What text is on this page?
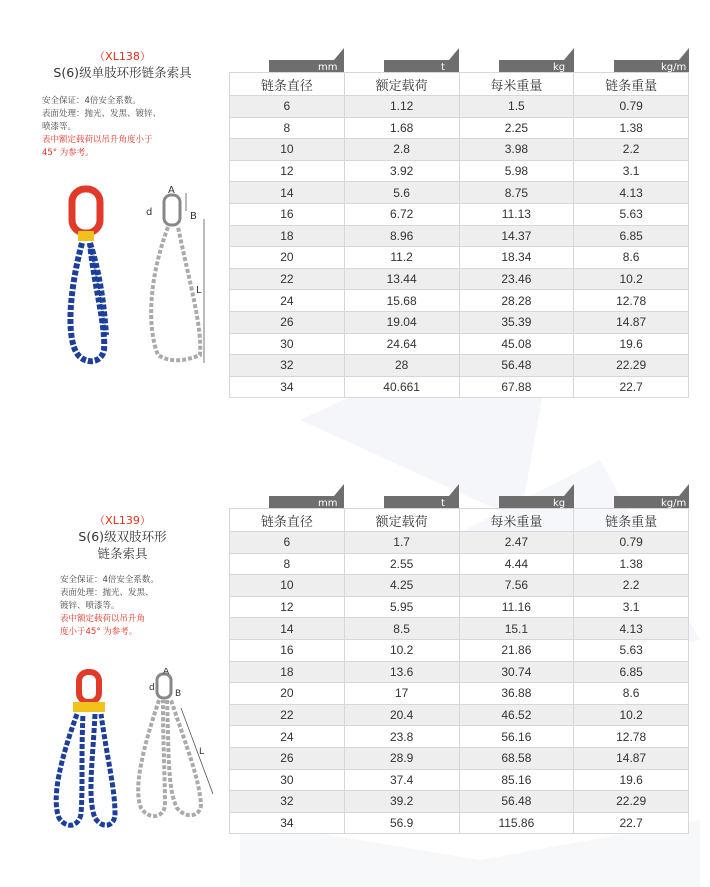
（XL138）
S(6)级单肢环形链条索具
安全保证：4倍安全系数。
表面处理：抛光、发黑、镀锌、
喷漆等。
表中额定载荷以吊升角度小于
45° 为参考。
A
B
d
L
mm	t	kg	kg/m
链条直径	额定载荷	每米重量	链条重量
6	1.12	1.5	0.79
8	1.68	2.25	1.38
10	2.8	3.98	2.2
12	3.92	5.98	3.1
14	5.6	8.75	4.13
16	6.72	11.13	5.63
18	8.96	14.37	6.85
20	11.2	18.34	8.6
22	13.44	23.46	10.2
24	15.68	28.28	12.78
26	19.04	35.39	14.87
30	24.64	45.08	19.6
32	28	56.48	22.29
34	40.661	67.88	22.7
（XL139）
S(6)级双肢环形
链条索具
安全保证：4倍安全系数。
表面处理：抛光、发黑、
镀锌、喷漆等。
表中额定载荷以吊升角
度小于45° 为参考。
A
B
d
L
mm	t	kg	kg/m
链条直径	额定载荷	每米重量	链条重量
6	1.7	2.47	0.79
8	2.55	4.44	1.38
10	4.25	7.56	2.2
12	5.95	11.16	3.1
14	8.5	15.1	4.13
16	10.2	21.86	5.63
18	13.6	30.74	6.85
20	17	36.88	8.6
22	20.4	46.52	10.2
24	23.8	56.16	12.78
26	28.9	68.58	14.87
30	37.4	85.16	19.6
32	39.2	56.48	22.29
34	56.9	115.86	22.7
